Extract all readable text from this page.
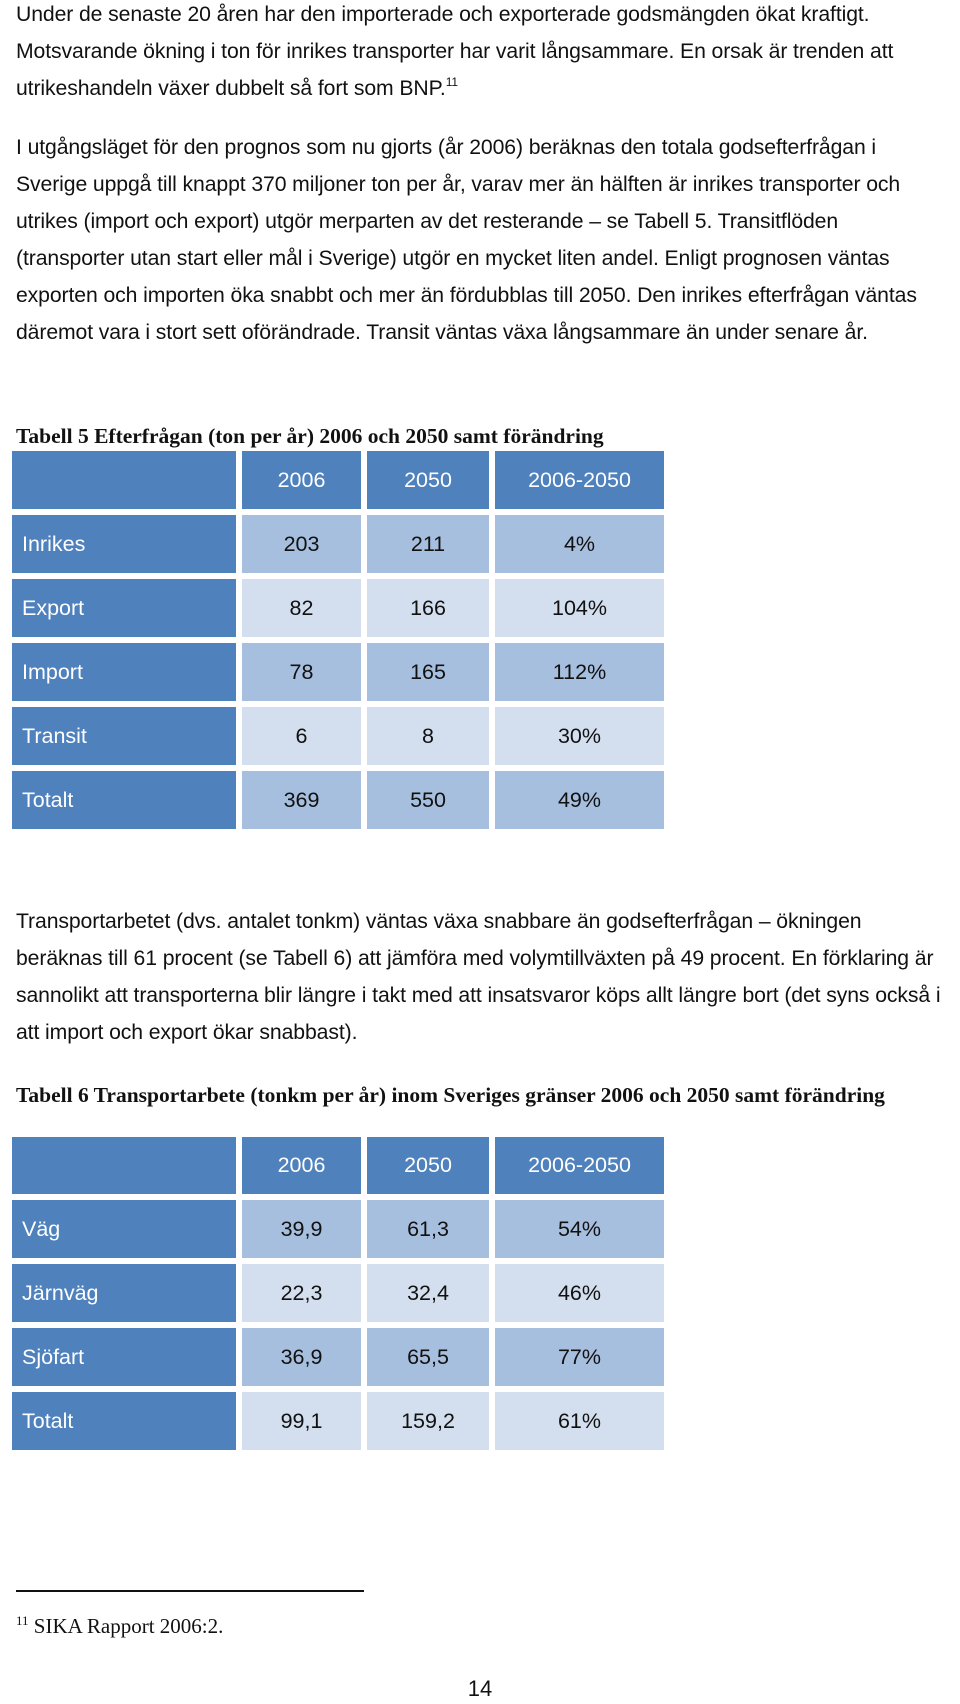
Under de senaste 20 åren har den importerade och exporterade godsmängden ökat kraftigt. Motsvarande ökning i ton för inrikes transporter har varit långsammare. En orsak är trenden att utrikeshandeln växer dubbelt så fort som BNP.$^{11}$

I utgångsläget för den prognos som nu gjorts (år 2006) beräknas den totala godsefterfrågan i Sverige uppgå till knappt 370 miljoner ton per år, varav mer än hälften är inrikes transporter och utrikes (import och export) utgör merparten av det resterande – se Tabell 5. Transitflöden (transporter utan start eller mål i Sverige) utgör en mycket liten andel. Enligt prognosen väntas exporten och importen öka snabbt och mer än fördubblas till 2050. Den inrikes efterfrågan väntas däremot vara i stort sett oförändrade. Transit väntas växa långsammare än under senare år.

Tabell 5 Efterfrågan (ton per år) 2006 och 2050 samt förändring

	2006	2050	2006-2050
Inrikes	203	211	4%
Export	82	166	104%
Import	78	165	112%
Transit	6	8	30%
Totalt	369	550	49%

Transportarbetet (dvs. antalet tonkm) väntas växa snabbare än godsefterfrågan – ökningen beräknas till 61 procent (se Tabell 6) att jämföra med volymtillväxten på 49 procent. En förklaring är sannolikt att transporterna blir längre i takt med att insatsvaror köps allt längre bort (det syns också i att import och export ökar snabbast).

Tabell 6 Transportarbete (tonkm per år) inom Sveriges gränser 2006 och 2050 samt förändring

	2006	2050	2006-2050
Väg	39,9	61,3	54%
Järnväg	22,3	32,4	46%
Sjöfart	36,9	65,5	77%
Totalt	99,1	159,2	61%

$^{11}$ SIKA Rapport 2006:2.

14
